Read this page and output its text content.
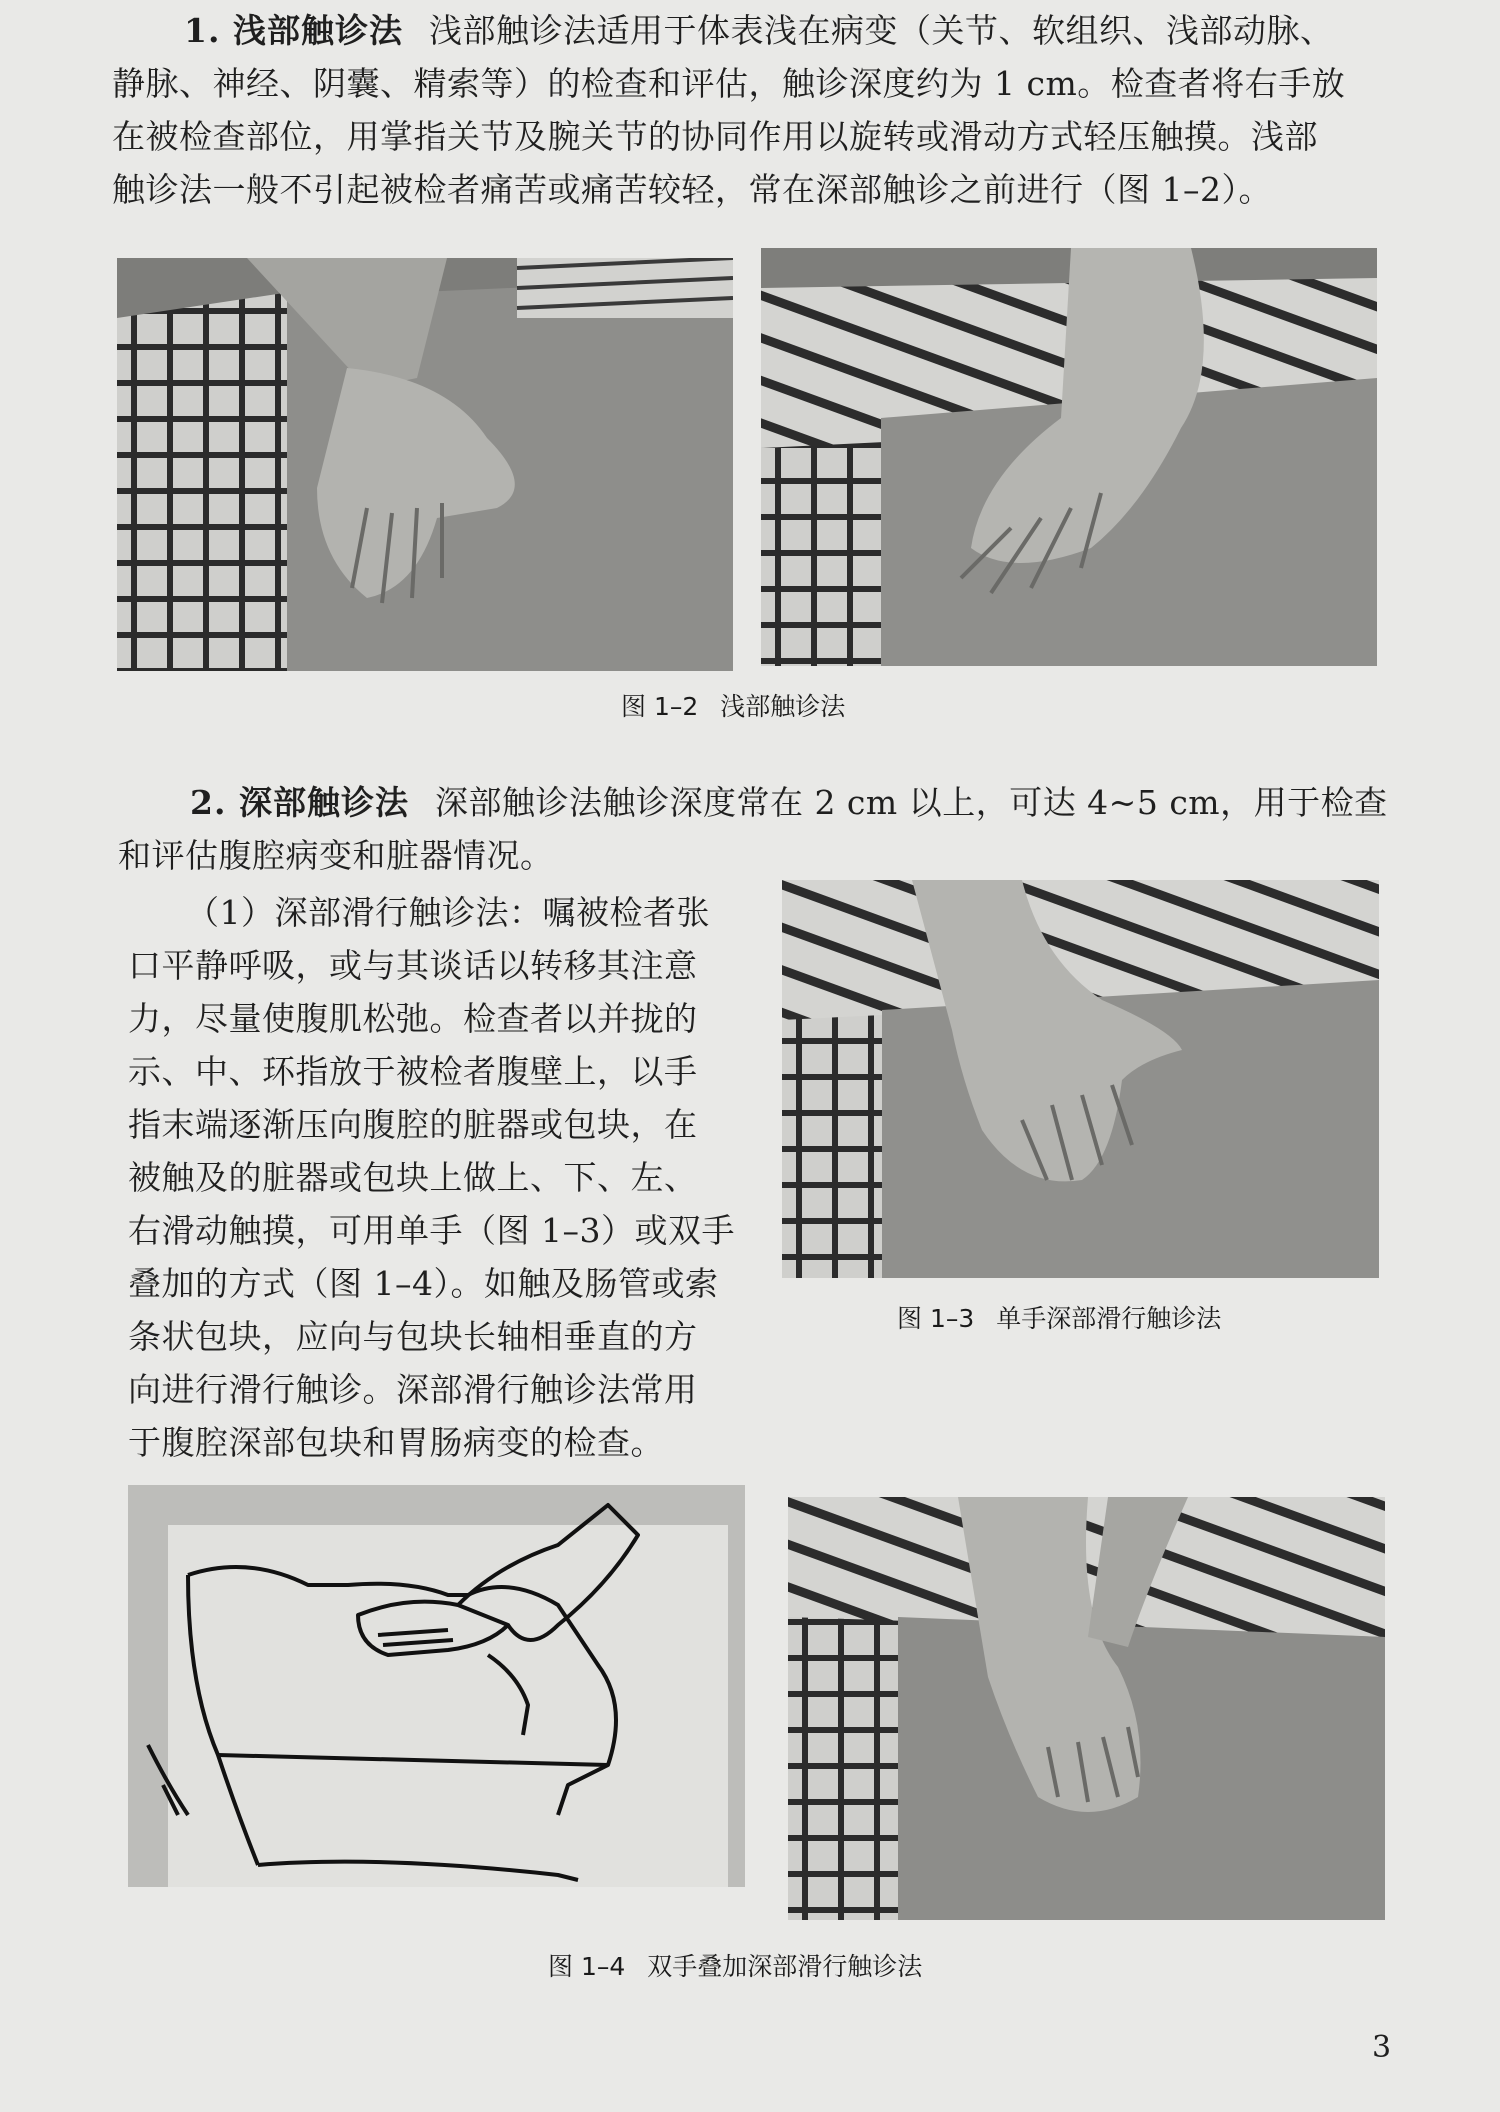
1. 浅部触诊法 浅部触诊法适用于体表浅在病变（关节、软组织、浅部动脉、

静脉、神经、阴囊、精索等）的检查和评估，触诊深度约为 1 cm。检查者将右手放
在被检查部位，用掌指关节及腕关节的协同作用以旋转或滑动方式轻压触摸。浅部
触诊法一般不引起被检者痛苦或痛苦较轻，常在深部触诊之前进行（图 1–2）。

图 1–2 浅部触诊法

2. 深部触诊法 深部触诊法触诊深度常在 2 cm 以上，可达 4~5 cm，用于检查

和评估腹腔病变和脏器情况。

（1）深部滑行触诊法：嘱被检者张
口平静呼吸，或与其谈话以转移其注意
力，尽量使腹肌松弛。检查者以并拢的
示、中、环指放于被检者腹壁上，以手
指末端逐渐压向腹腔的脏器或包块，在
被触及的脏器或包块上做上、下、左、
右滑动触摸，可用单手（图 1–3）或双手
叠加的方式（图 1–4）。如触及肠管或索
条状包块，应向与包块长轴相垂直的方
向进行滑行触诊。深部滑行触诊法常用
于腹腔深部包块和胃肠病变的检查。

图 1–3 单手深部滑行触诊法
图 1–4 双手叠加深部滑行触诊法
3
